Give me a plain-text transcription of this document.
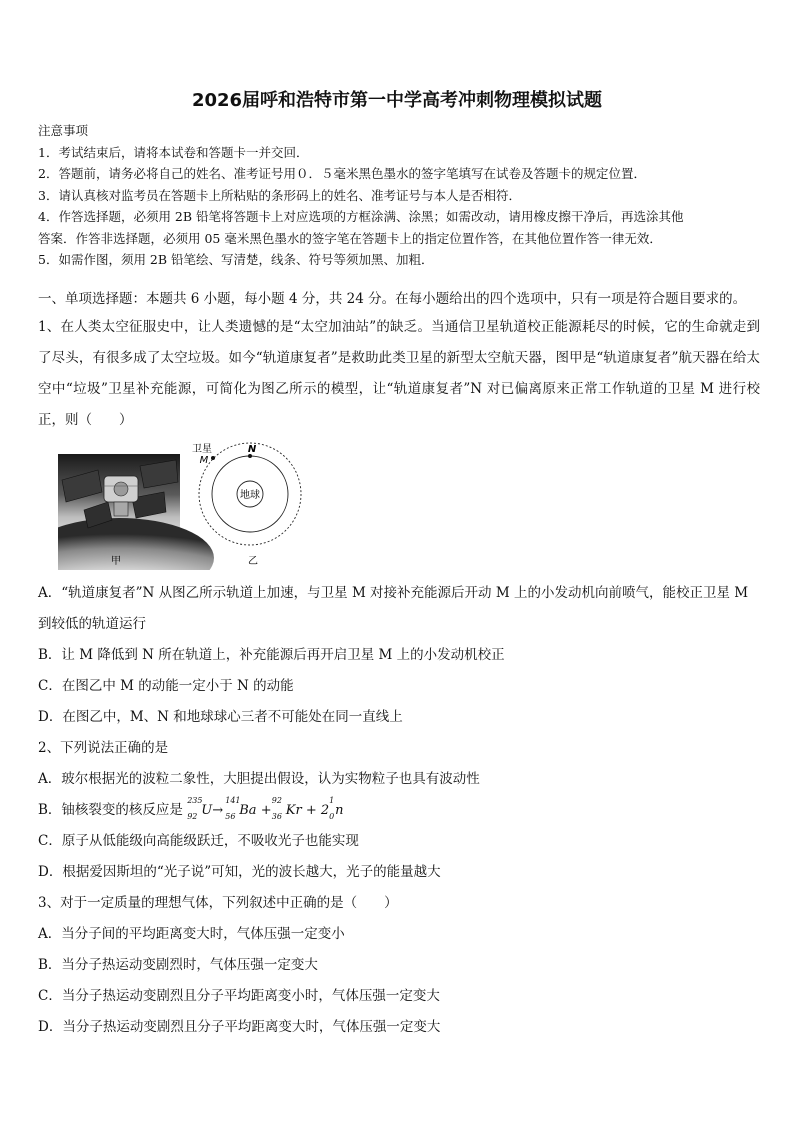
2026届呼和浩特市第一中学高考冲刺物理模拟试题
注意事项
1．考试结束后，请将本试卷和答题卡一并交回．
2．答题前，请务必将自己的姓名、准考证号用０．５毫米黑色墨水的签字笔填写在试卷及答题卡的规定位置．
3．请认真核对监考员在答题卡上所粘贴的条形码上的姓名、准考证号与本人是否相符．
4．作答选择题，必须用 2B 铅笔将答题卡上对应选项的方框涂满、涂黑；如需改动，请用橡皮擦干净后，再选涂其他
答案．作答非选择题，必须用 05 毫米黑色墨水的签字笔在答题卡上的指定位置作答，在其他位置作答一律无效．
5．如需作图，须用 2B 铅笔绘、写清楚，线条、符号等须加黑、加粗．
一、单项选择题：本题共 6 小题，每小题 4 分，共 24 分。在每小题给出的四个选项中，只有一项是符合题目要求的。
1、在人类太空征服史中，让人类遗憾的是“太空加油站”的缺乏。当通信卫星轨道校正能源耗尽的时候，它的生命就走到了尽头，有很多成了太空垃圾。如今“轨道康复者”是救助此类卫星的新型太空航天器，图甲是“轨道康复者”航天器在给太空中“垃圾”卫星补充能源，可简化为图乙所示的模型，让“轨道康复者”N 对已偏离原来正常工作轨道的卫星 M 进行校正，则（　　）
甲
地球
N
卫星
M
乙
A．“轨道康复者”N 从图乙所示轨道上加速，与卫星 M 对接补充能源后开动 M 上的小发动机向前喷气，能校正卫星 M 到较低的轨道运行
B．让 M 降低到 N 所在轨道上，补充能源后再开启卫星 M 上的小发动机校正
C．在图乙中 M 的动能一定小于 N 的动能
D．在图乙中，M、N 和地球球心三者不可能处在同一直线上
2、下列说法正确的是
A．玻尔根据光的波粒二象性，大胆提出假设，认为实物粒子也具有波动性
B．铀核裂变的核反应是
235
92 U→
141
56 Ba +
92
36 Kr + 2
1
0 n
C．原子从低能级向高能级跃迁，不吸收光子也能实现
D．根据爱因斯坦的“光子说”可知，光的波长越大，光子的能量越大
3、对于一定质量的理想气体，下列叙述中正确的是（　　）
A．当分子间的平均距离变大时，气体压强一定变小
B．当分子热运动变剧烈时，气体压强一定变大
C．当分子热运动变剧烈且分子平均距离变小时，气体压强一定变大
D．当分子热运动变剧烈且分子平均距离变大时，气体压强一定变大
